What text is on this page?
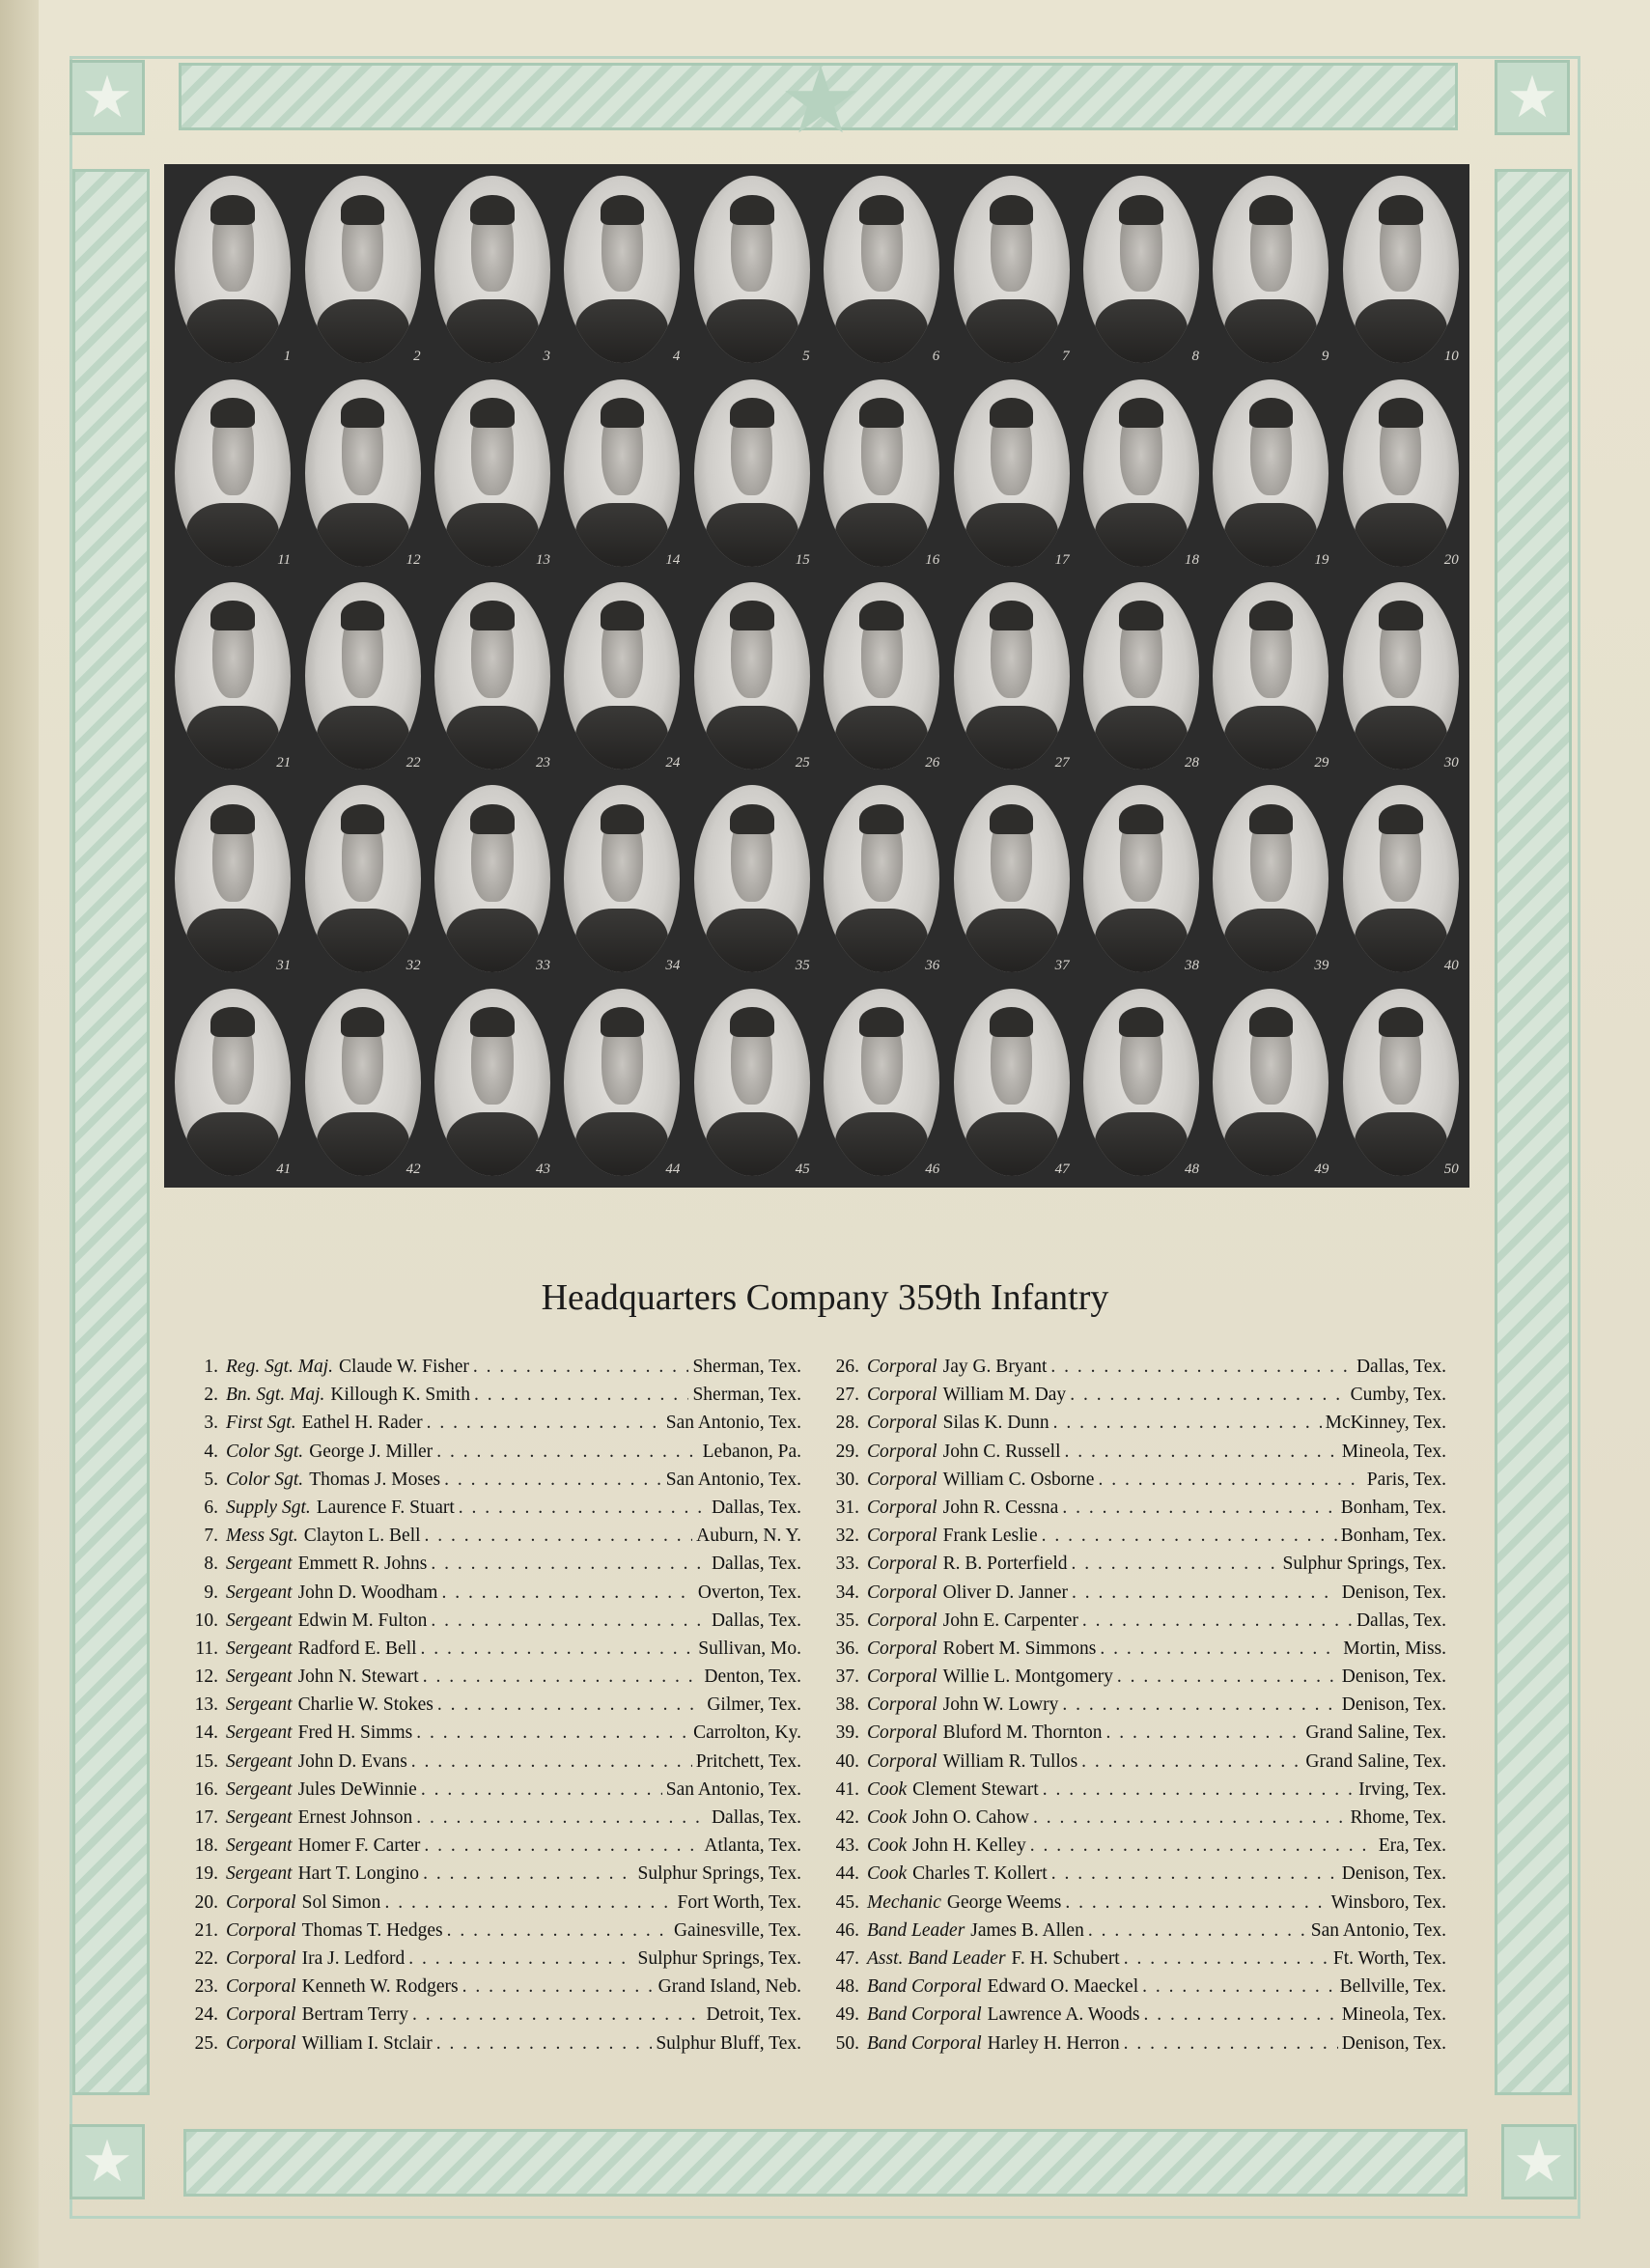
★
★	★
★	★
1	2	3	4	5	6	7	8	9	10
11	12	13	14	15	16	17	18	19	20
21	22	23	24	25	26	27	28	29	30
31	32	33	34	35	36	37	38	39	40
41	42	43	44	45	46	47	48	49	50
Headquarters Company 359th Infantry
1. Reg. Sgt. Maj. Claude W. Fisher . . .	Sherman, Tex.
2. Bn. Sgt. Maj. Killough K. Smith . . .	Sherman, Tex.
3. First Sgt. Eathel H. Rader . . .	San Antonio, Tex.
4. Color Sgt. George J. Miller . . .	Lebanon, Pa.
5. Color Sgt. Thomas J. Moses . . .	San Antonio, Tex.
6. Supply Sgt. Laurence F. Stuart . . .	Dallas, Tex.
7. Mess Sgt. Clayton L. Bell . . .	Auburn, N. Y.
8. Sergeant Emmett R. Johns . . .	Dallas, Tex.
9. Sergeant John D. Woodham . . .	Overton, Tex.
10. Sergeant Edwin M. Fulton . . .	Dallas, Tex.
11. Sergeant Radford E. Bell . . .	Sullivan, Mo.
12. Sergeant John N. Stewart . . .	Denton, Tex.
13. Sergeant Charlie W. Stokes . . .	Gilmer, Tex.
14. Sergeant Fred H. Simms . . .	Carrolton, Ky.
15. Sergeant John D. Evans . . .	Pritchett, Tex.
16. Sergeant Jules DeWinnie . . .	San Antonio, Tex.
17. Sergeant Ernest Johnson . . .	Dallas, Tex.
18. Sergeant Homer F. Carter . . .	Atlanta, Tex.
19. Sergeant Hart T. Longino . . .	Sulphur Springs, Tex.
20. Corporal Sol Simon . . .	Fort Worth, Tex.
21. Corporal Thomas T. Hedges . . .	Gainesville, Tex.
22. Corporal Ira J. Ledford . . .	Sulphur Springs, Tex.
23. Corporal Kenneth W. Rodgers . . .	Grand Island, Neb.
24. Corporal Bertram Terry . . .	Detroit, Tex.
25. Corporal William I. Stclair . . .	Sulphur Bluff, Tex.
26. Corporal Jay G. Bryant . . .	Dallas, Tex.
27. Corporal William M. Day . . .	Cumby, Tex.
28. Corporal Silas K. Dunn . . .	McKinney, Tex.
29. Corporal John C. Russell . . .	Mineola, Tex.
30. Corporal William C. Osborne . . .	Paris, Tex.
31. Corporal John R. Cessna . . .	Bonham, Tex.
32. Corporal Frank Leslie . . .	Bonham, Tex.
33. Corporal R. B. Porterfield . . .	Sulphur Springs, Tex.
34. Corporal Oliver D. Janner . . .	Denison, Tex.
35. Corporal John E. Carpenter . . .	Dallas, Tex.
36. Corporal Robert M. Simmons . . .	Mortin, Miss.
37. Corporal Willie L. Montgomery . . .	Denison, Tex.
38. Corporal John W. Lowry . . .	Denison, Tex.
39. Corporal Bluford M. Thornton . . .	Grand Saline, Tex.
40. Corporal William R. Tullos . . .	Grand Saline, Tex.
41. Cook Clement Stewart . . .	Irving, Tex.
42. Cook John O. Cahow . . .	Rhome, Tex.
43. Cook John H. Kelley . . .	Era, Tex.
44. Cook Charles T. Kollert . . .	Denison, Tex.
45. Mechanic George Weems . . .	Winsboro, Tex.
46. Band Leader James B. Allen . . .	San Antonio, Tex.
47. Asst. Band Leader F. H. Schubert . . .	Ft. Worth, Tex.
48. Band Corporal Edward O. Maeckel . . .	Bellville, Tex.
49. Band Corporal Lawrence A. Woods . . .	Mineola, Tex.
50. Band Corporal Harley H. Herron . . .	Denison, Tex.
